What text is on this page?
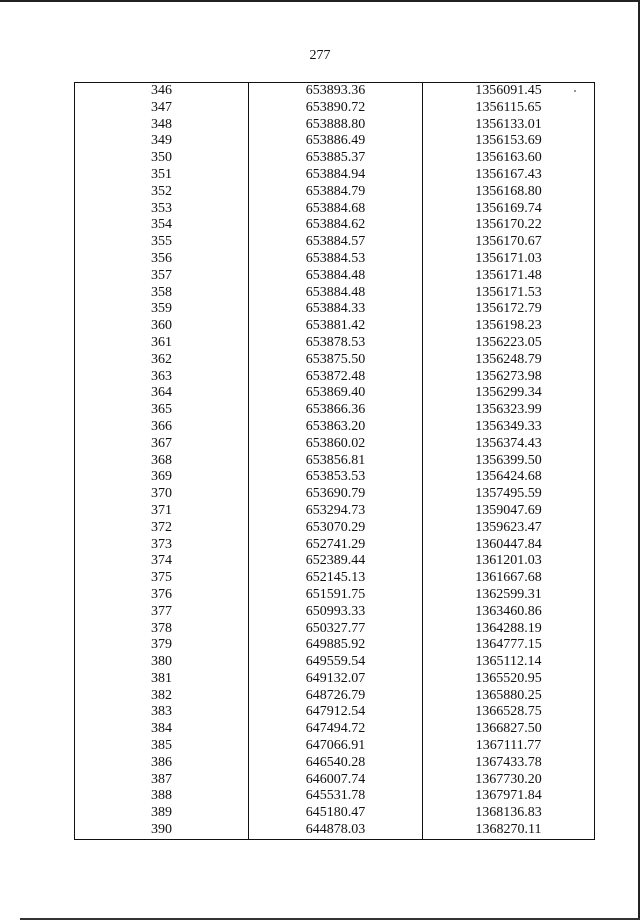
277
346	653893.36	1356091.45
347	653890.72	1356115.65
348	653888.80	1356133.01
349	653886.49	1356153.69
350	653885.37	1356163.60
351	653884.94	1356167.43
352	653884.79	1356168.80
353	653884.68	1356169.74
354	653884.62	1356170.22
355	653884.57	1356170.67
356	653884.53	1356171.03
357	653884.48	1356171.48
358	653884.48	1356171.53
359	653884.33	1356172.79
360	653881.42	1356198.23
361	653878.53	1356223.05
362	653875.50	1356248.79
363	653872.48	1356273.98
364	653869.40	1356299.34
365	653866.36	1356323.99
366	653863.20	1356349.33
367	653860.02	1356374.43
368	653856.81	1356399.50
369	653853.53	1356424.68
370	653690.79	1357495.59
371	653294.73	1359047.69
372	653070.29	1359623.47
373	652741.29	1360447.84
374	652389.44	1361201.03
375	652145.13	1361667.68
376	651591.75	1362599.31
377	650993.33	1363460.86
378	650327.77	1364288.19
379	649885.92	1364777.15
380	649559.54	1365112.14
381	649132.07	1365520.95
382	648726.79	1365880.25
383	647912.54	1366528.75
384	647494.72	1366827.50
385	647066.91	1367111.77
386	646540.28	1367433.78
387	646007.74	1367730.20
388	645531.78	1367971.84
389	645180.47	1368136.83
390	644878.03	1368270.11
